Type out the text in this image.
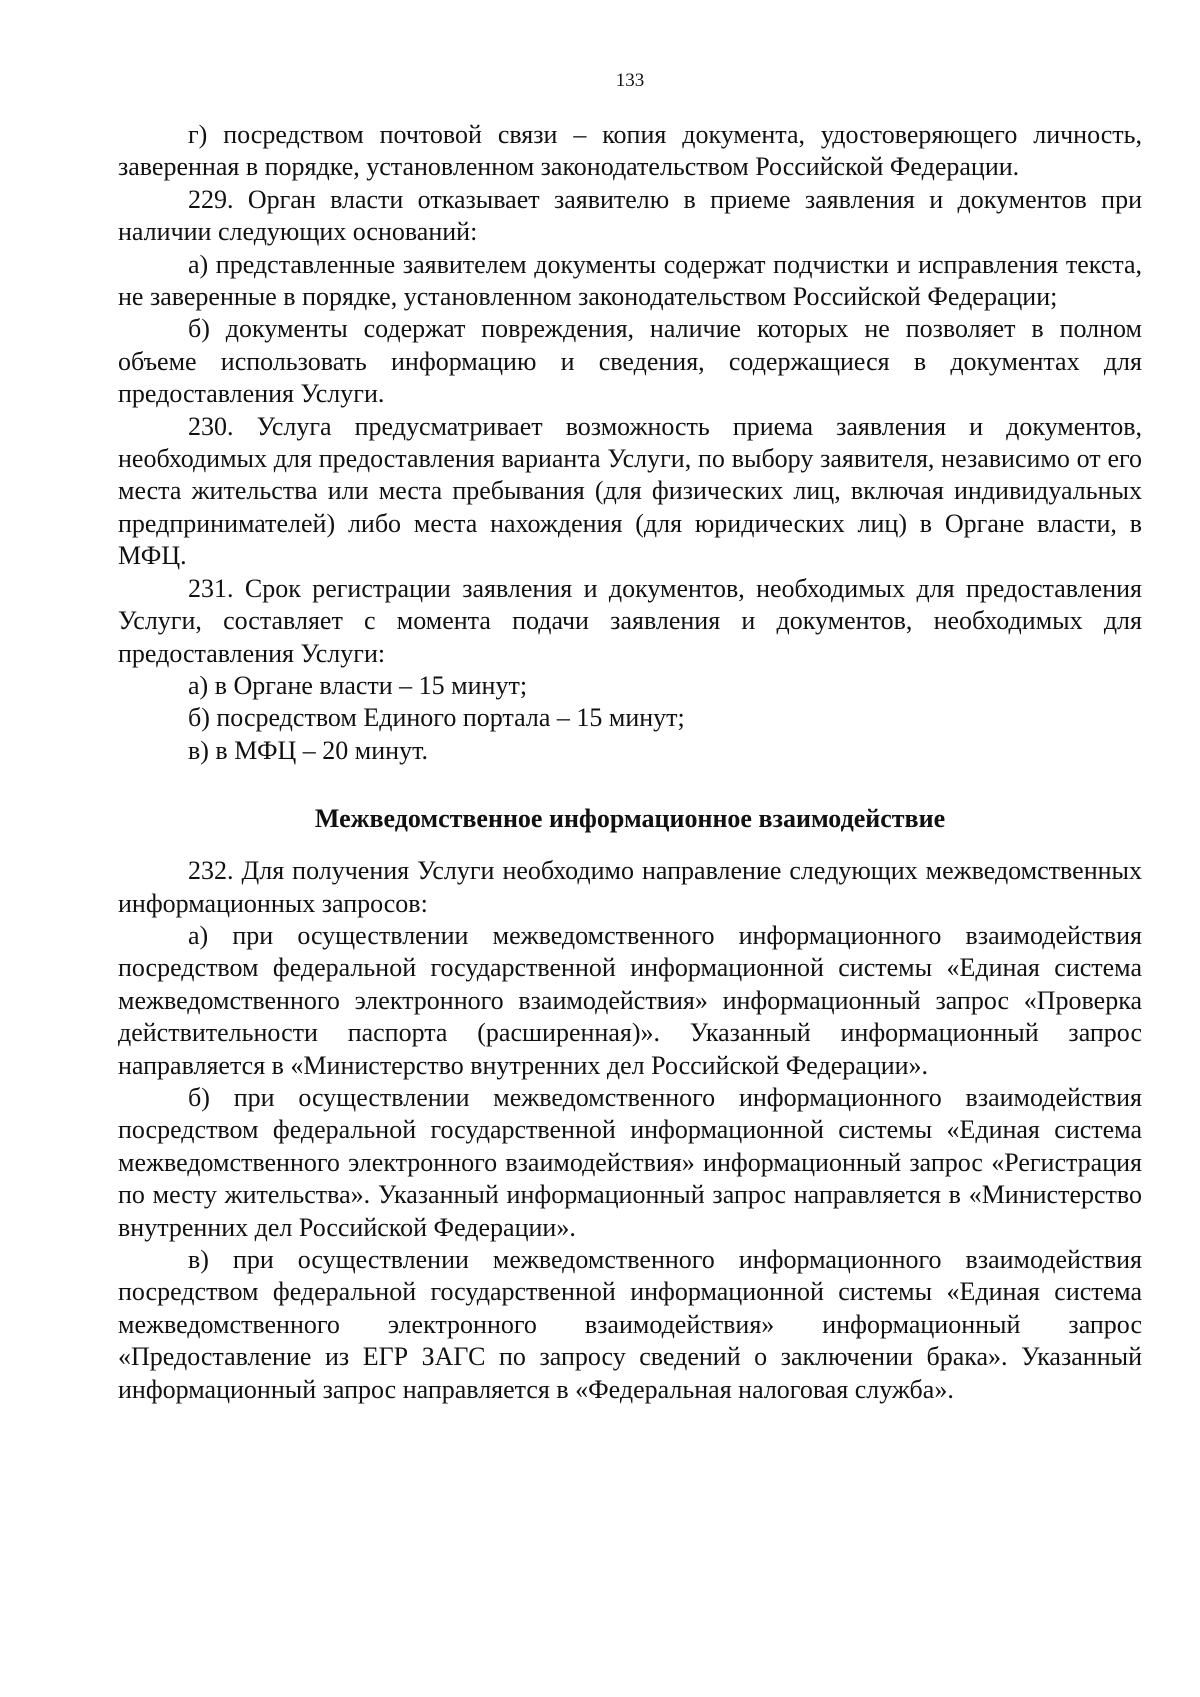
133

г) посредством почтовой связи – копия документа, удостоверяющего личность, заверенная в порядке, установленном законодательством Российской Федерации.

229. Орган власти отказывает заявителю в приеме заявления и документов при наличии следующих оснований:

а) представленные заявителем документы содержат подчистки и исправления текста, не заверенные в порядке, установленном законодательством Российской Федерации;

б) документы содержат повреждения, наличие которых не позволяет в полном объеме использовать информацию и сведения, содержащиеся в документах для предоставления Услуги.

230. Услуга предусматривает возможность приема заявления и документов, необходимых для предоставления варианта Услуги, по выбору заявителя, независимо от его места жительства или места пребывания (для физических лиц, включая индивидуальных предпринимателей) либо места нахождения (для юридических лиц) в Органе власти, в МФЦ.

231. Срок регистрации заявления и документов, необходимых для предоставления Услуги, составляет с момента подачи заявления и документов, необходимых для предоставления Услуги:

а) в Органе власти – 15 минут;

б) посредством Единого портала – 15 минут;

в) в МФЦ – 20 минут.

Межведомственное информационное взаимодействие

232. Для получения Услуги необходимо направление следующих межведомственных информационных запросов:

а) при осуществлении межведомственного информационного взаимодействия посредством федеральной государственной информационной системы «Единая система межведомственного электронного взаимодействия» информационный запрос «Проверка действительности паспорта (расширенная)». Указанный информационный запрос направляется в «Министерство внутренних дел Российской Федерации».

б) при осуществлении межведомственного информационного взаимодействия посредством федеральной государственной информационной системы «Единая система межведомственного электронного взаимодействия» информационный запрос «Регистрация по месту жительства». Указанный информационный запрос направляется в «Министерство внутренних дел Российской Федерации».

в) при осуществлении межведомственного информационного взаимодействия посредством федеральной государственной информационной системы «Единая система межведомственного электронного взаимодействия» информационный запрос «Предоставление из ЕГР ЗАГС по запросу сведений о заключении брака». Указанный информационный запрос направляется в «Федеральная налоговая служба».
